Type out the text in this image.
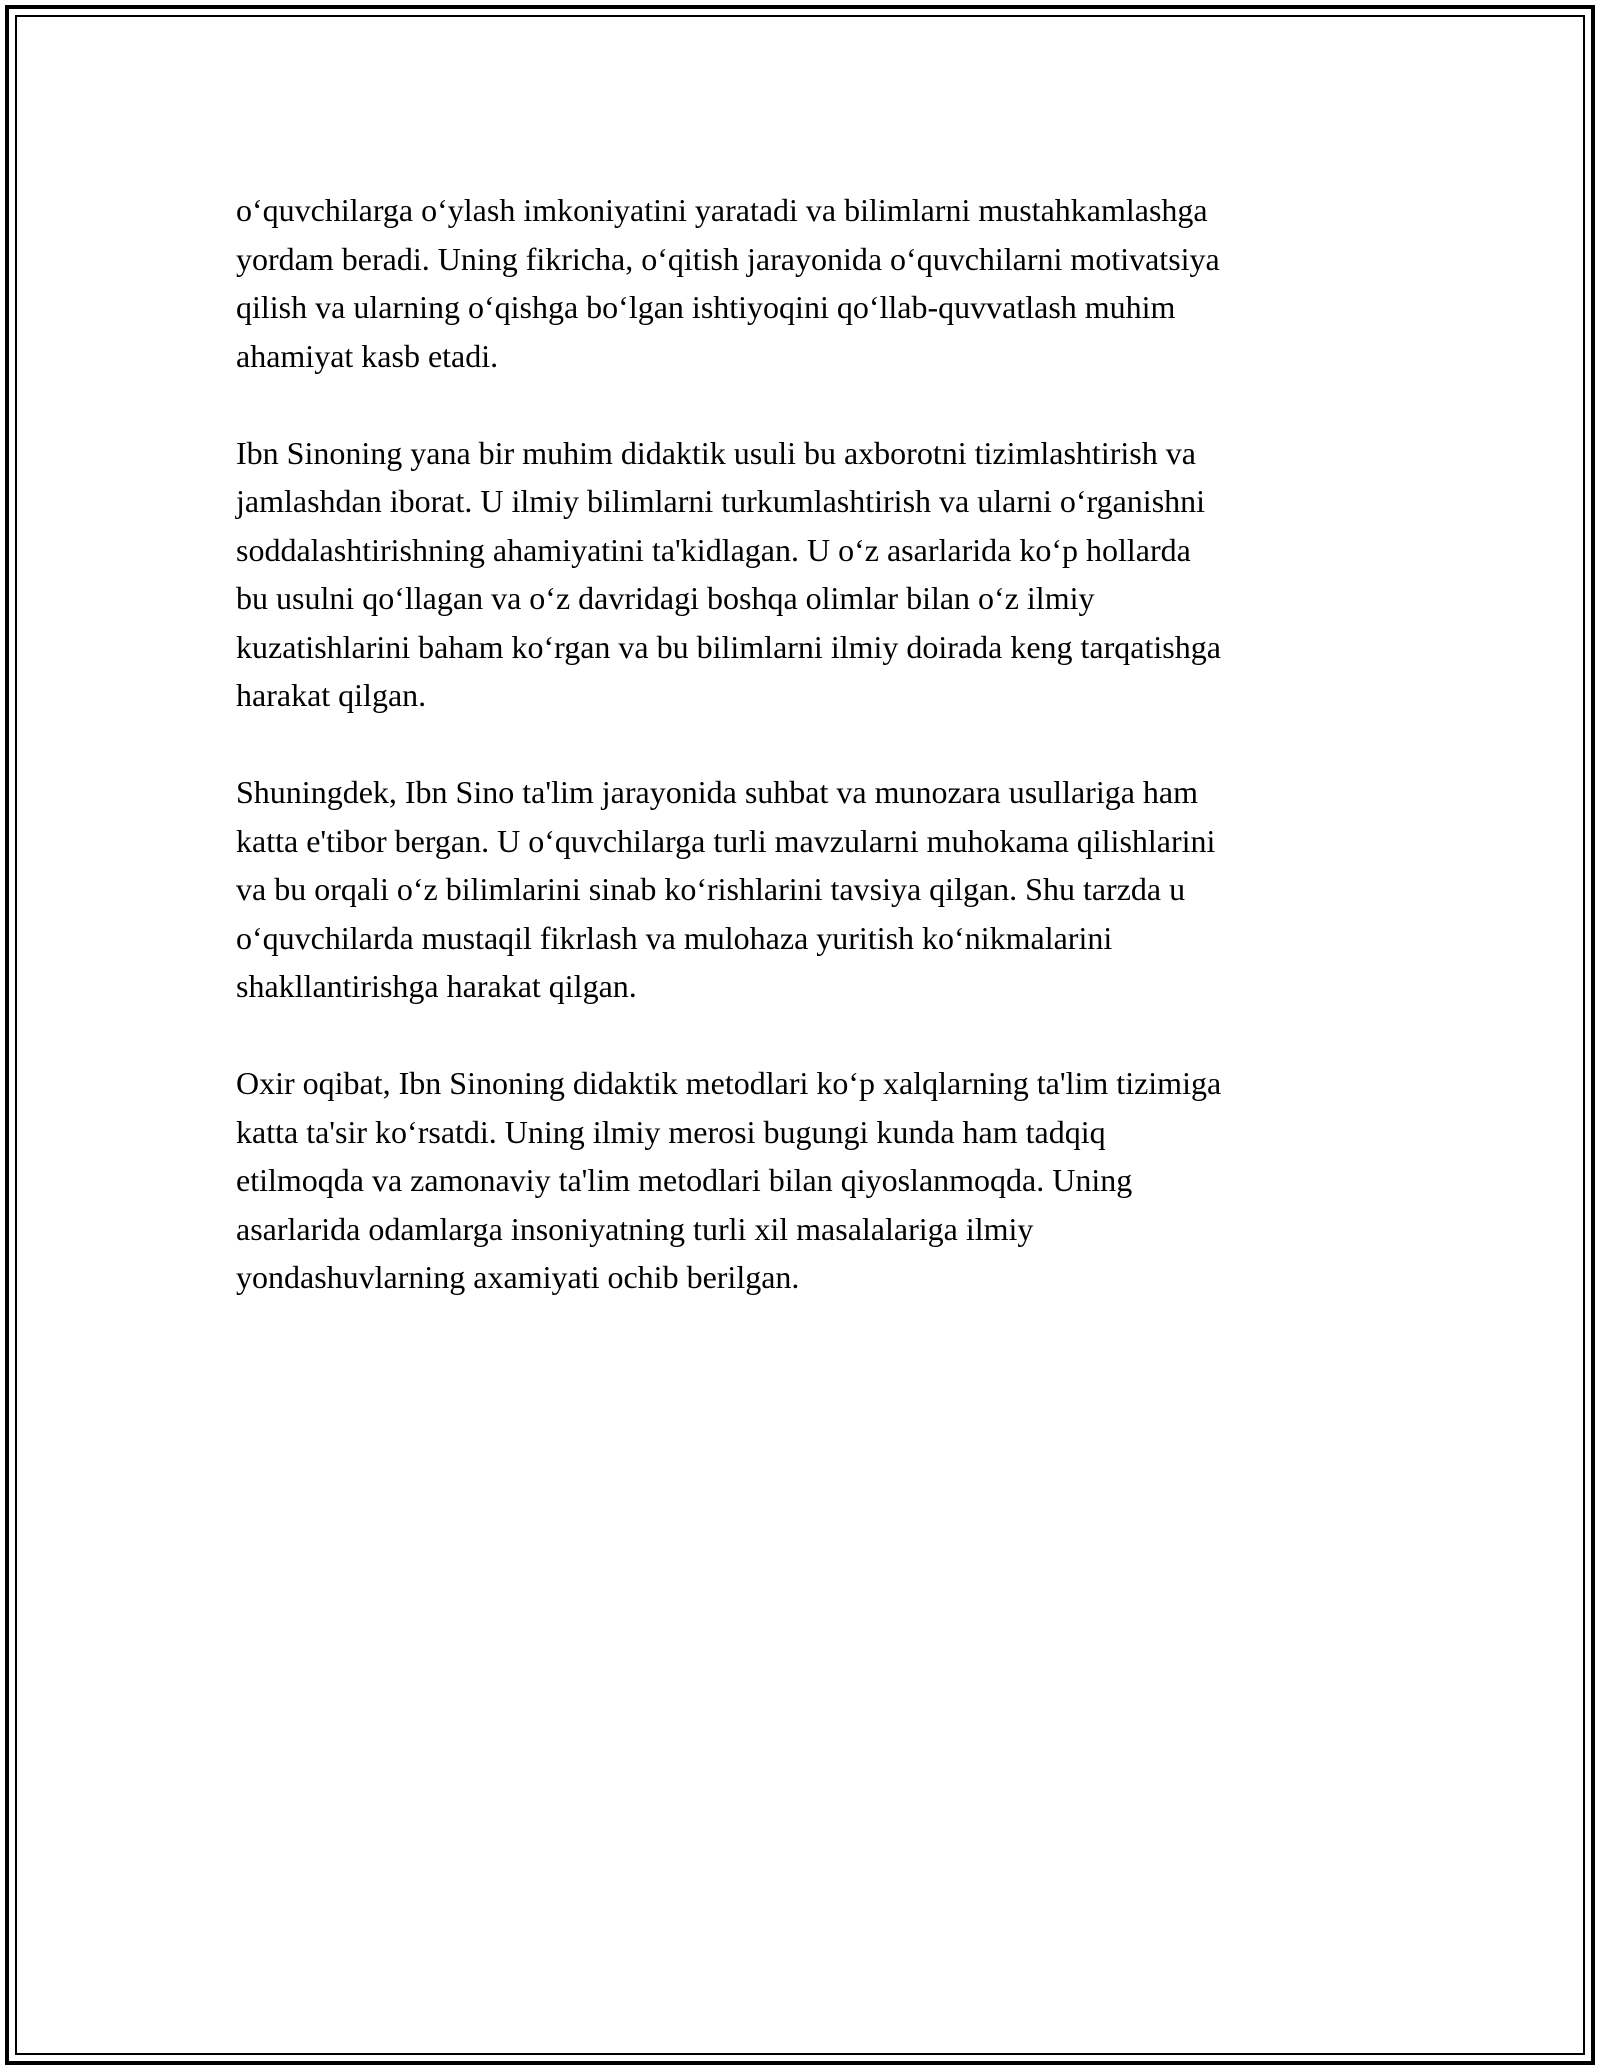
o‘quvchilarga o‘ylash imkoniyatini yaratadi va bilimlarni mustahkamlashga
yordam beradi. Uning fikricha, o‘qitish jarayonida o‘quvchilarni motivatsiya
qilish va ularning o‘qishga bo‘lgan ishtiyoqini qo‘llab-quvvatlash muhim
ahamiyat kasb etadi.

Ibn Sinoning yana bir muhim didaktik usuli bu axborotni tizimlashtirish va
jamlashdan iborat. U ilmiy bilimlarni turkumlashtirish va ularni o‘rganishni
soddalashtirishning ahamiyatini ta'kidlagan. U o‘z asarlarida ko‘p hollarda
bu usulni qo‘llagan va o‘z davridagi boshqa olimlar bilan o‘z ilmiy
kuzatishlarini baham ko‘rgan va bu bilimlarni ilmiy doirada keng tarqatishga
harakat qilgan.

Shuningdek, Ibn Sino ta'lim jarayonida suhbat va munozara usullariga ham
katta e'tibor bergan. U o‘quvchilarga turli mavzularni muhokama qilishlarini
va bu orqali o‘z bilimlarini sinab ko‘rishlarini tavsiya qilgan. Shu tarzda u
o‘quvchilarda mustaqil fikrlash va mulohaza yuritish ko‘nikmalarini
shakllantirishga harakat qilgan.

Oxir oqibat, Ibn Sinoning didaktik metodlari ko‘p xalqlarning ta'lim tizimiga
katta ta'sir ko‘rsatdi. Uning ilmiy merosi bugungi kunda ham tadqiq
etilmoqda va zamonaviy ta'lim metodlari bilan qiyoslanmoqda. Uning
asarlarida odamlarga insoniyatning turli xil masalalariga ilmiy
yondashuvlarning axamiyati ochib berilgan.
